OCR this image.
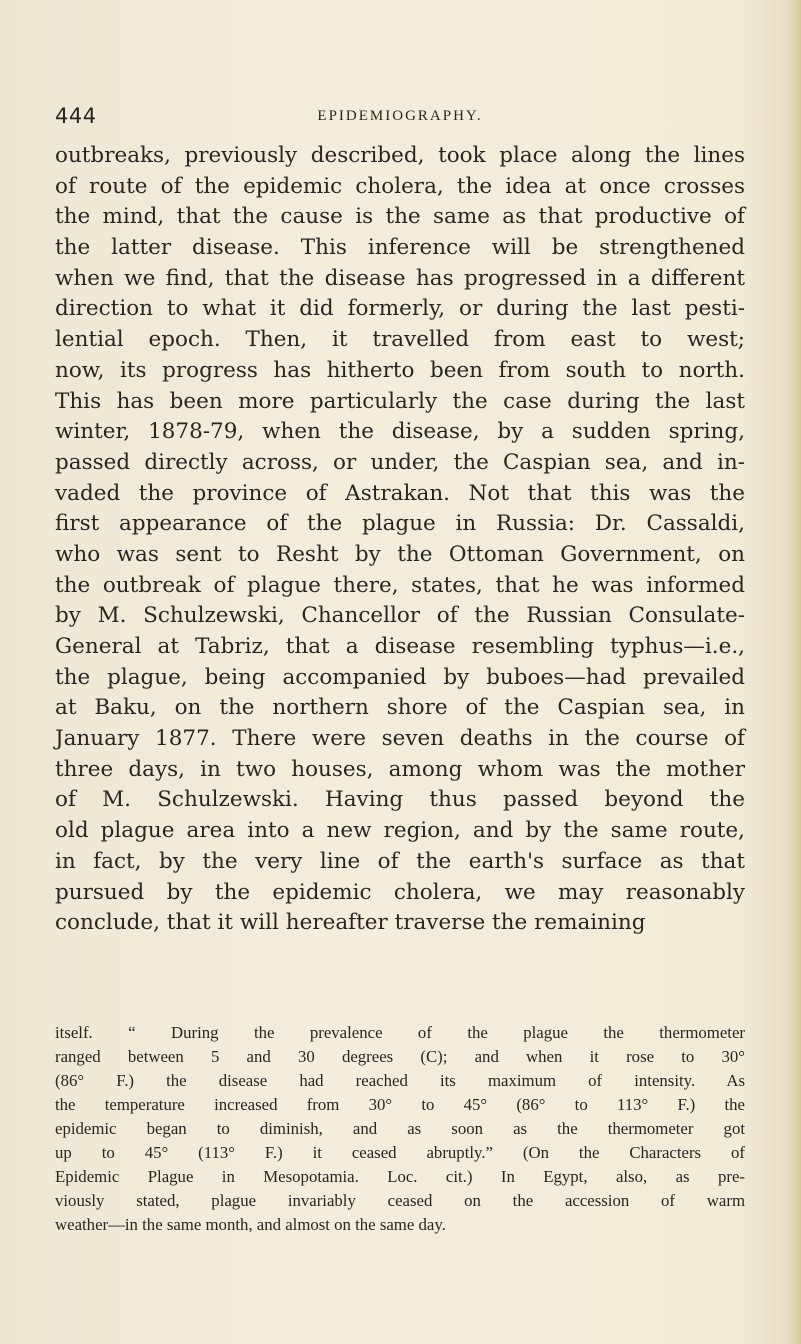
444	EPIDEMIOGRAPHY.
outbreaks, previously described, took place along the lines
of route of the epidemic cholera, the idea at once crosses
the mind, that the cause is the same as that productive of
the latter disease. This inference will be strengthened
when we find, that the disease has progressed in a different
direction to what it did formerly, or during the last pesti-
lential epoch. Then, it travelled from east to west;
now, its progress has hitherto been from south to north.
This has been more particularly the case during the last
winter, 1878-79, when the disease, by a sudden spring,
passed directly across, or under, the Caspian sea, and in-
vaded the province of Astrakan. Not that this was the
first appearance of the plague in Russia: Dr. Cassaldi,
who was sent to Resht by the Ottoman Government, on
the outbreak of plague there, states, that he was informed
by M. Schulzewski, Chancellor of the Russian Consulate-
General at Tabriz, that a disease resembling typhus—i.e.,
the plague, being accompanied by buboes—had prevailed
at Baku, on the northern shore of the Caspian sea, in
January 1877. There were seven deaths in the course of
three days, in two houses, among whom was the mother
of M. Schulzewski. Having thus passed beyond the
old plague area into a new region, and by the same route,
in fact, by the very line of the earth's surface as that
pursued by the epidemic cholera, we may reasonably
conclude, that it will hereafter traverse the remaining
itself. “ During the prevalence of the plague the thermometer
ranged between 5 and 30 degrees (C); and when it rose to 30°
(86° F.) the disease had reached its maximum of intensity. As
the temperature increased from 30° to 45° (86° to 113° F.) the
epidemic began to diminish, and as soon as the thermometer got
up to 45° (113° F.) it ceased abruptly.” (On the Characters of
Epidemic Plague in Mesopotamia. Loc. cit.) In Egypt, also, as pre-
viously stated, plague invariably ceased on the accession of warm
weather—in the same month, and almost on the same day.
